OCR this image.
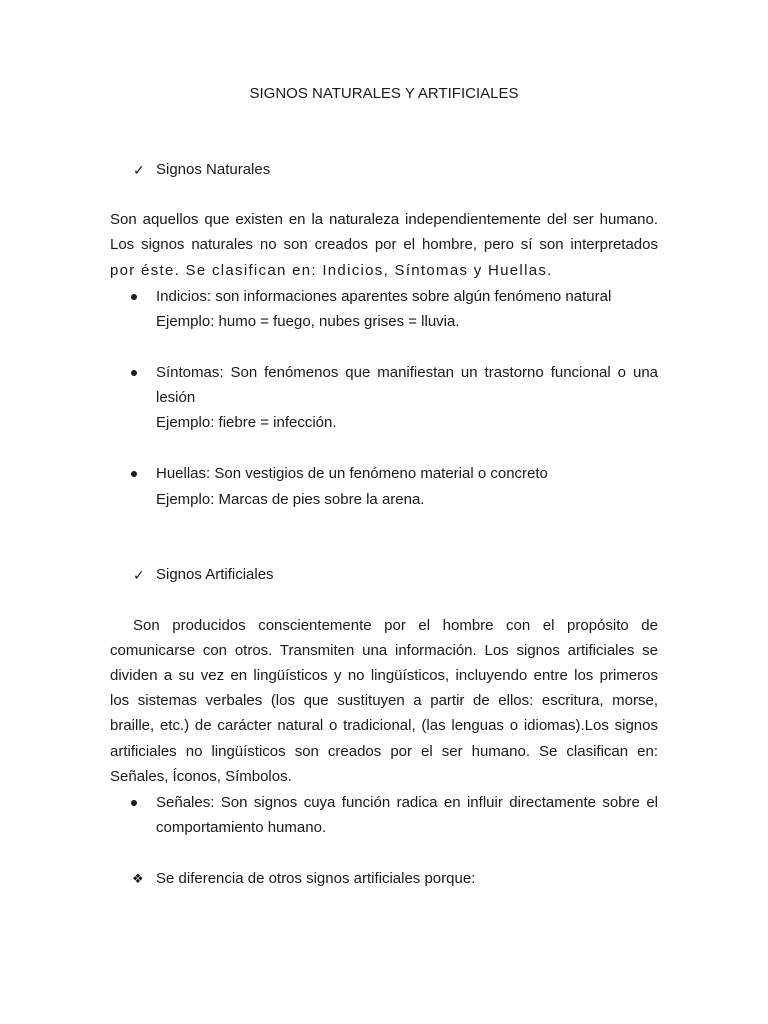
SIGNOS NATURALES Y ARTIFICIALES
✓ Signos Naturales
Son aquellos que existen en la naturaleza independientemente del ser humano.
Los signos naturales no son creados por el hombre, pero sí son interpretados
por éste. Se clasifican en: Indicios, Síntomas y Huellas.
Indicios: son informaciones aparentes sobre algún fenómeno natural
Ejemplo: humo = fuego, nubes grises = lluvia.
Síntomas: Son fenómenos que manifiestan un trastorno funcional o una
lesión
Ejemplo: fiebre = infección.
Huellas: Son vestigios de un fenómeno material o concreto
Ejemplo: Marcas de pies sobre la arena.
✓ Signos Artificiales
Son producidos conscientemente por el hombre con el propósito de
comunicarse con otros. Transmiten una información. Los signos artificiales se
dividen a su vez en lingüísticos y no lingüísticos, incluyendo entre los primeros
los sistemas verbales (los que sustituyen a partir de ellos: escritura, morse,
braille, etc.) de carácter natural o tradicional, (las lenguas o idiomas).Los signos
artificiales no lingüísticos son creados por el ser humano. Se clasifican en:
Señales, Íconos, Símbolos.
Señales: Son signos cuya función radica en influir directamente sobre el
comportamiento humano.
❖ Se diferencia de otros signos artificiales porque:
